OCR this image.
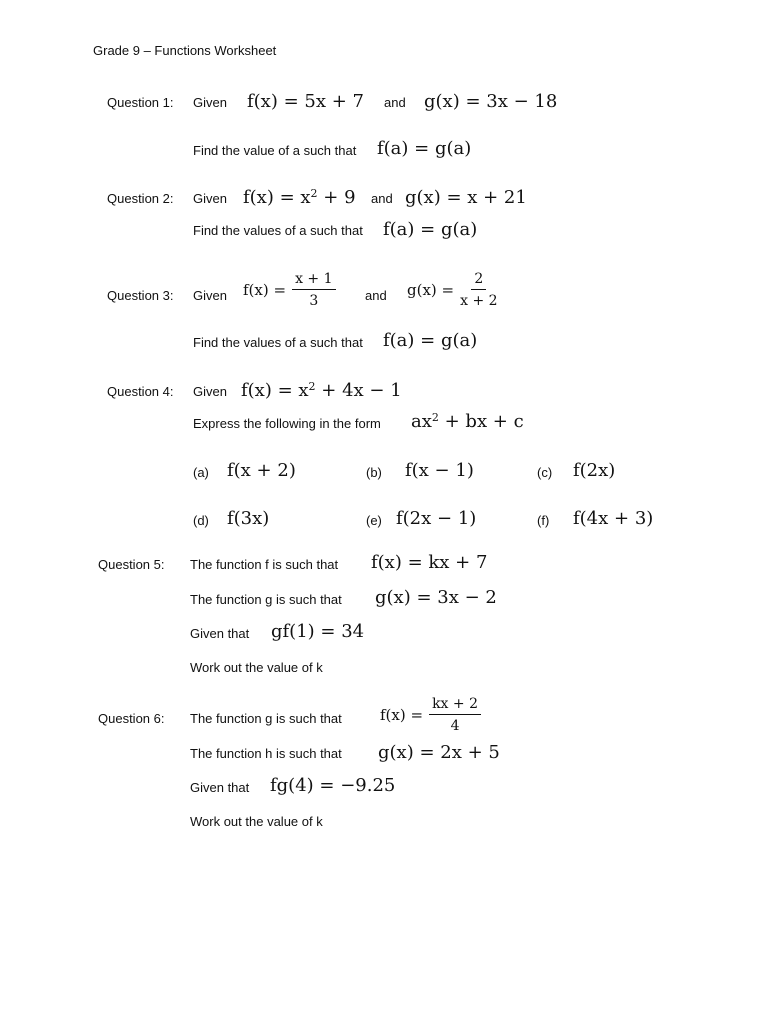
Grade 9 – Functions Worksheet
Question 1: Given f(x) = 5x + 7 and g(x) = 3x − 18
Find the value of a such that f(a) = g(a)
Question 2: Given $f(x) = x^2 + 9$ and g(x) = x + 21
Find the values of a such that f(a) = g(a)
Question 3: Given $f(x) = \frac{x + 1}{3}$ and $g(x) = \frac{2}{x + 2}$
Find the values of a such that f(a) = g(a)
Question 4: Given $f(x) = x^2 + 4x - 1$
Express the following in the form $ax^2$ + bx + c
(a) f(x + 2)	(b) f(x − 1)	(c) f(2x)
(d) f(3x)	(e) f(2x − 1)	(f) f(4x + 3)
Question 5: The function f is such that f(x) = kx + 7
The function g is such that g(x) = 3x − 2
Given that gf(1) = 34
Work out the value of k
Question 6: The function g is such that	$f(x) = \frac{kx + 2}{4}$
The function h is such that g(x) = 2x + 5
Given that fg(4) = −9.25
Work out the value of k
